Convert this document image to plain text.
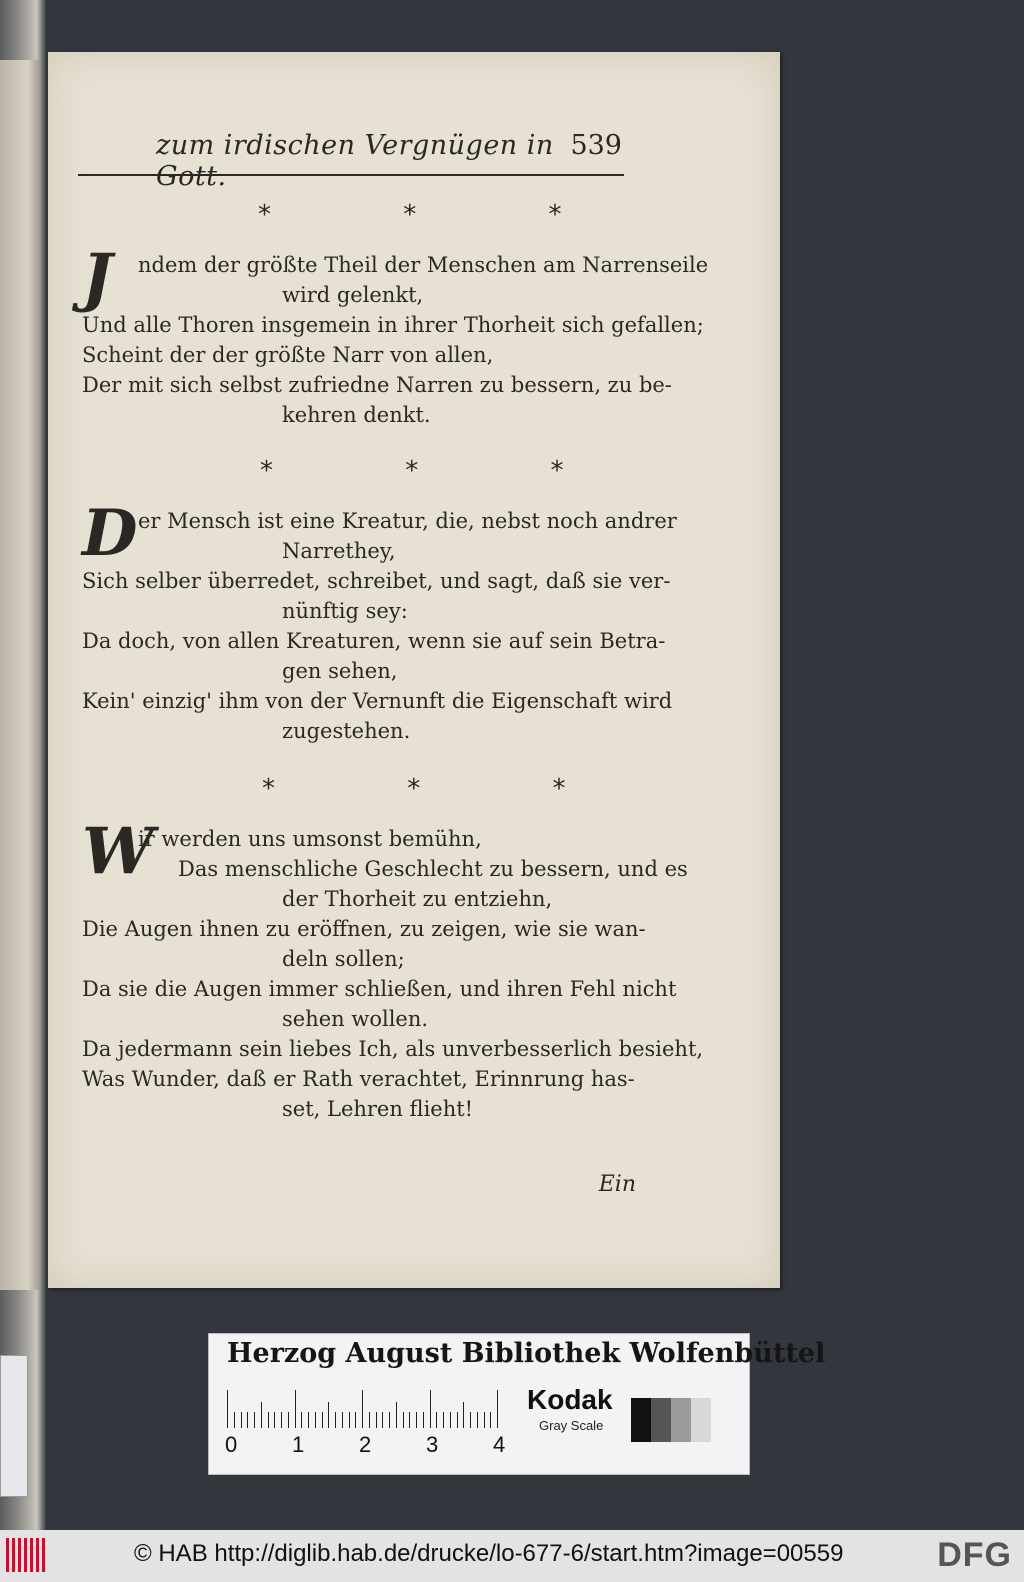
zum irdischen Vergnügen in Gott.
539
* * *
J	ndem der größte Theil der Menschen am Narrenseile
wird gelenkt,
Und alle Thoren insgemein in ihrer Thorheit sich gefallen;
Scheint der der größte Narr von allen,
Der mit sich selbst zufriedne Narren zu bessern, zu be-
kehren denkt.
* * *
D er Mensch ist eine Kreatur, die, nebst noch andrer
Narrethey,
Sich selber überredet, schreibet, und sagt, daß sie ver-
nünftig sey:
Da doch, von allen Kreaturen, wenn sie auf sein Betra-
gen sehen,
Kein' einzig' ihm von der Vernunft die Eigenschaft wird
zugestehen.
* * *
W
ir werden uns umsonst bemühn,
Das menschliche Geschlecht zu bessern, und es
der Thorheit zu entziehn,
Die Augen ihnen zu eröffnen, zu zeigen, wie sie wan-
deln sollen;
Da sie die Augen immer schließen, und ihren Fehl nicht
sehen wollen.
Da jedermann sein liebes Ich, als unverbesserlich besieht,
Was Wunder, daß er Rath verachtet, Erinnrung has-
set, Lehren flieht!
Ein
Herzog August Bibliothek Wolfenbüttel
0 1 2 3 4
Kodak
Gray Scale
© HAB http://diglib.hab.de/drucke/lo-677-6/start.htm?image=00559	DFG
